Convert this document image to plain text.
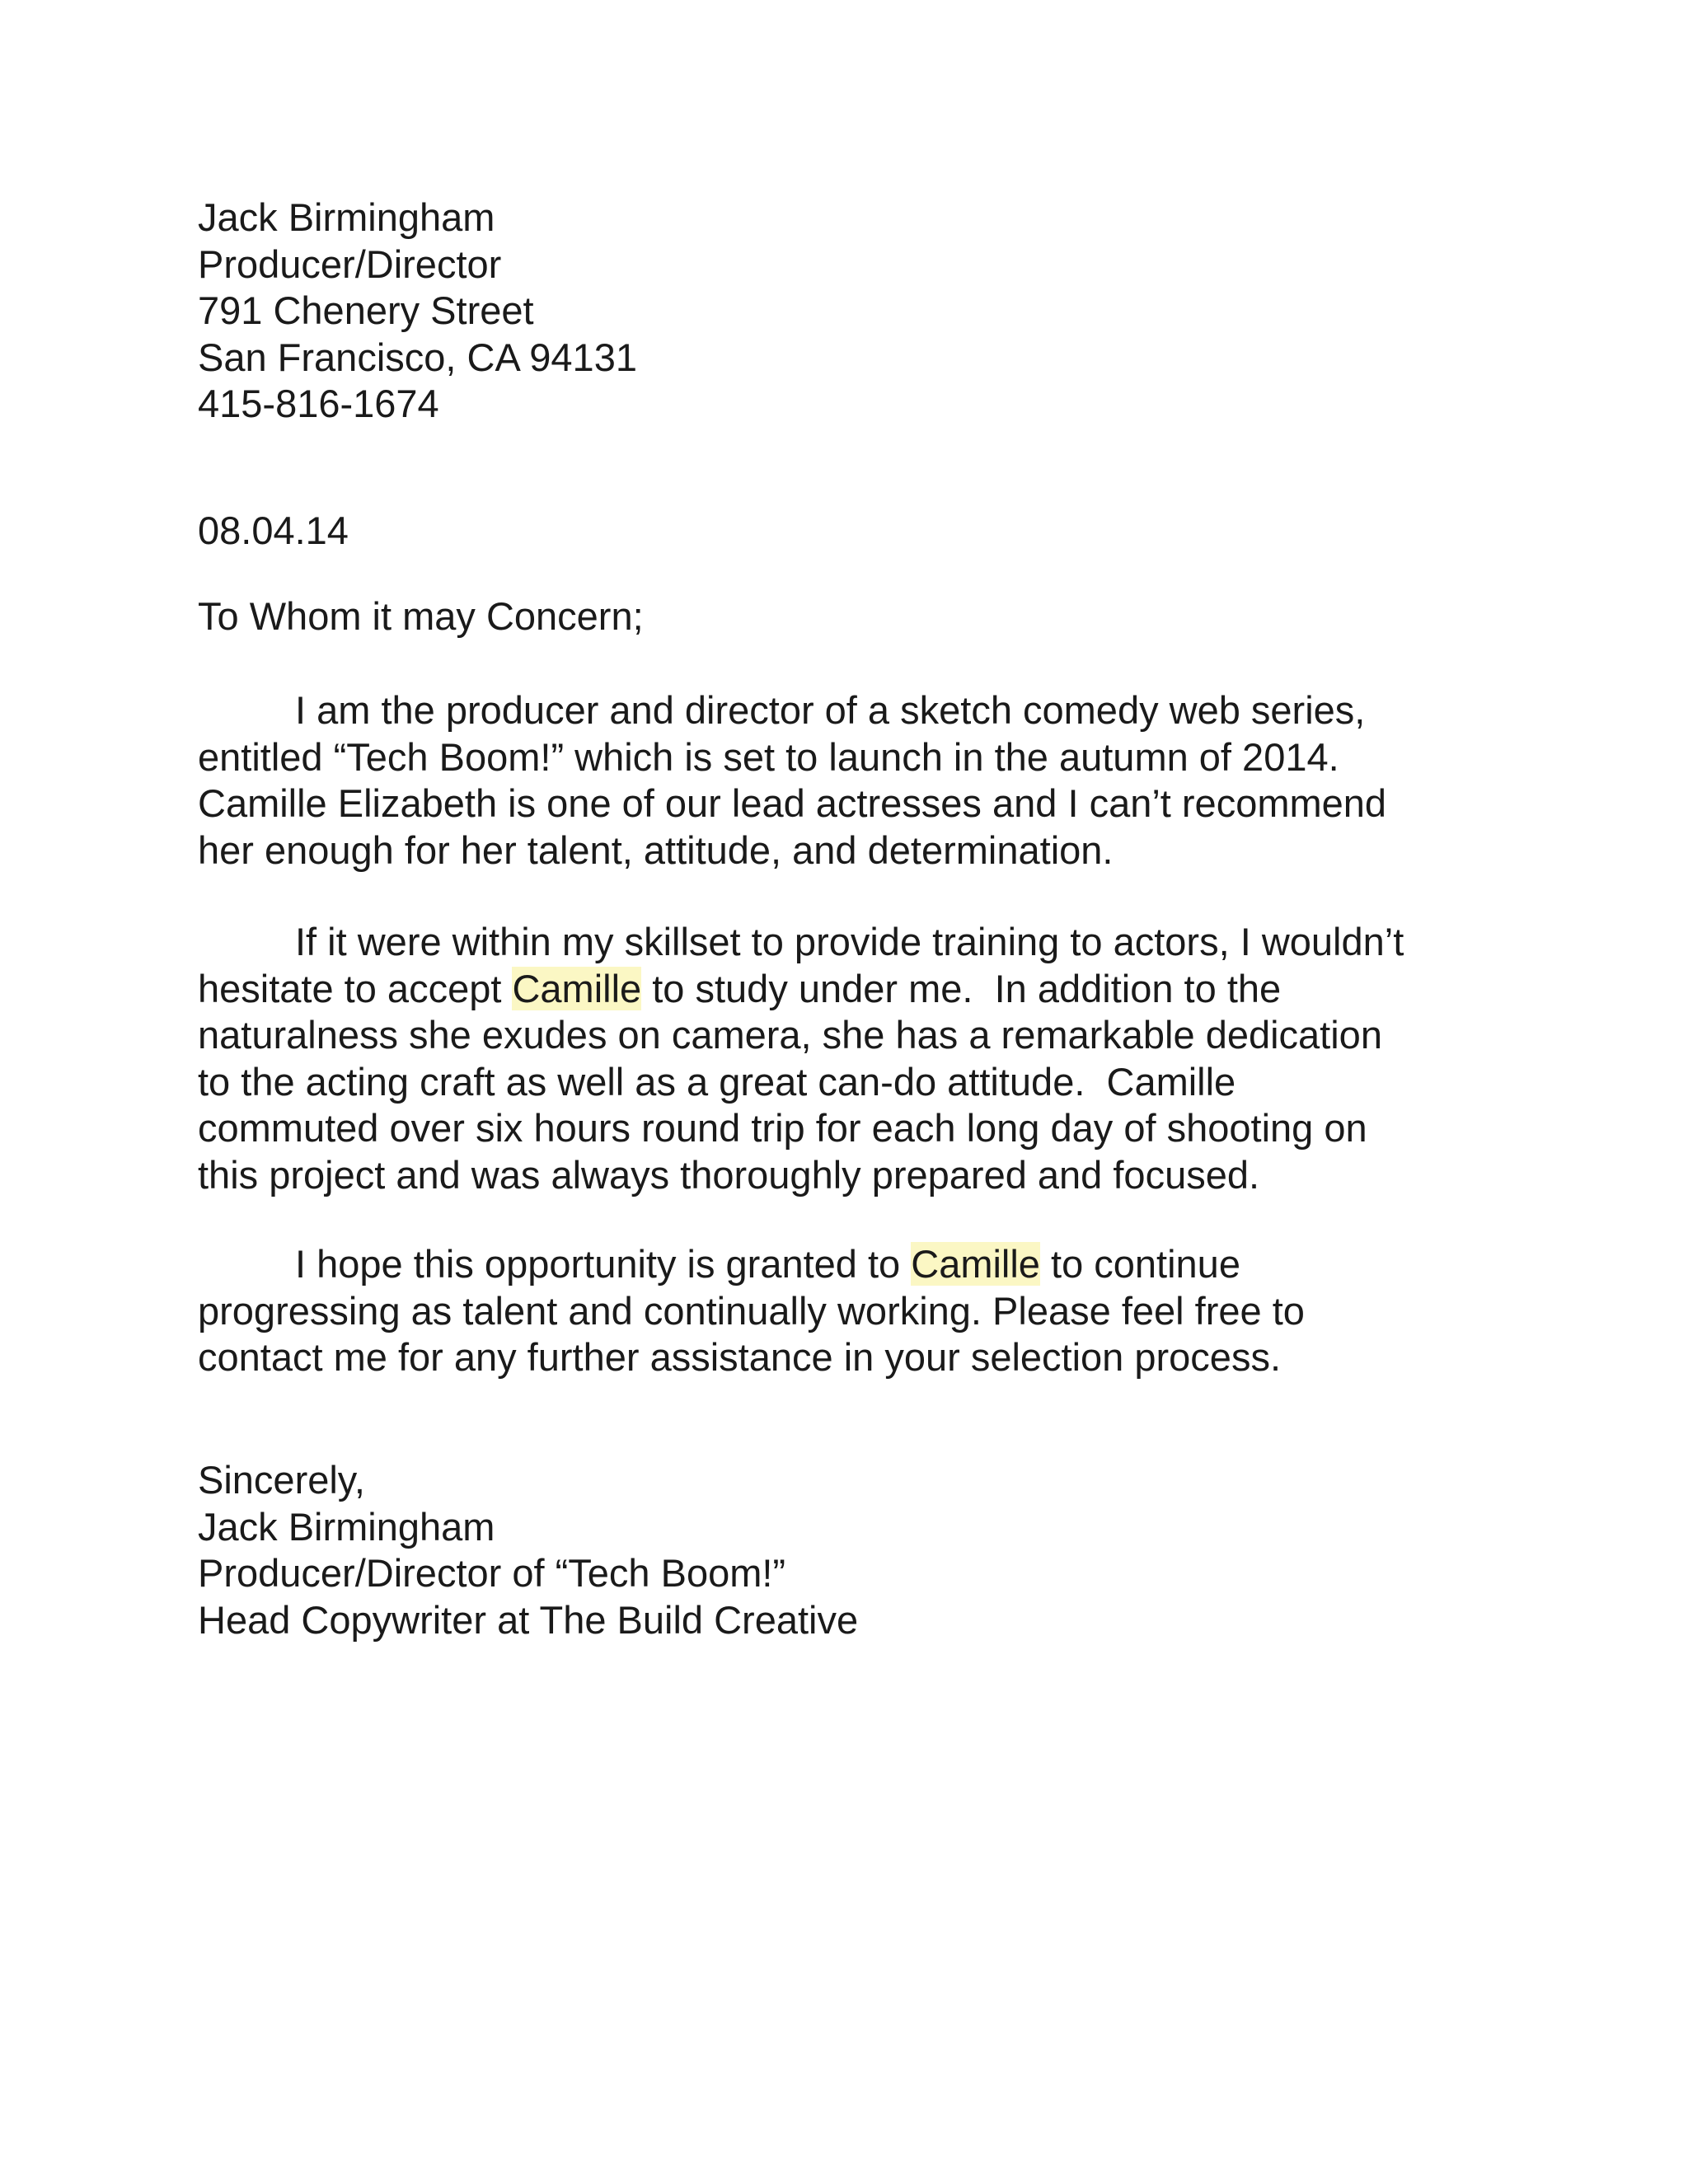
Jack Birmingham
Producer/Director
791 Chenery Street
San Francisco, CA 94131
415-816-1674
08.04.14
To Whom it may Concern;
I am the producer and director of a sketch comedy web series,
entitled “Tech Boom!” which is set to launch in the autumn of 2014.
Camille Elizabeth is one of our lead actresses and I can’t recommend
her enough for her talent, attitude, and determination.
If it were within my skillset to provide training to actors, I wouldn’t
hesitate to accept Camille to study under me.  In addition to the
naturalness she exudes on camera, she has a remarkable dedication
to the acting craft as well as a great can-do attitude.  Camille
commuted over six hours round trip for each long day of shooting on
this project and was always thoroughly prepared and focused.
I hope this opportunity is granted to Camille to continue
progressing as talent and continually working. Please feel free to
contact me for any further assistance in your selection process.
Sincerely,
Jack Birmingham
Producer/Director of “Tech Boom!”
Head Copywriter at The Build Creative
